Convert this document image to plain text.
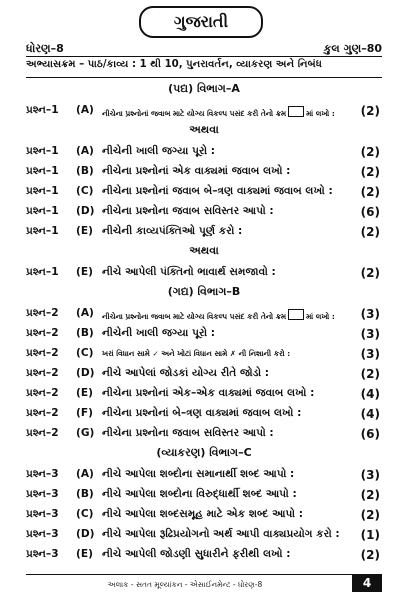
ગુજરાતી
ધોરણ–8	કુલ ગુણ–80
અભ્યાસક્રમ – પાઠ/કાવ્ય : 1 થી 10, પુનરાવર્તન, વ્યાકરણ અને નિબંધ
(પદ્ય) વિભાગ–A
પ્રશ્ન–1 (A) નીચેના પ્રશ્નોનાં જવાબ માટે યોગ્ય વિકલ્પ પસંદ કરી તેનો ક્રમ	માં લખો : (2)
અથવા
પ્રશ્ન–1 (A) નીચેની ખાલી જગ્યા પૂરો :	(2)
પ્રશ્ન–1 (B) નીચેના પ્રશ્નોનાં એક વાક્યમાં જવાબ લખો :	(2)
પ્રશ્ન–1 (C) નીચેના પ્રશ્નોનાં જવાબ બે–ત્રણ વાક્યમાં જવાબ લખો : (2)
પ્રશ્ન–1 (D) નીચેના પ્રશ્નોના જવાબ સવિસ્તર આપો :	(6)
પ્રશ્ન–1 (E) નીચેની કાવ્યપંક્તિઓ પૂર્ણ કરો :	(2)
અથવા
પ્રશ્ન–1 (E) નીચે આપેલી પંક્તિનો ભાવાર્થ સમજાવો :	(2)
(ગદ્ય) વિભાગ–B
પ્રશ્ન–2 (A) નીચેના પ્રશ્નોના જવાબ માટે યોગ્ય વિકલ્પ પસંદ કરી તેનો ક્રમ	માં લખો : (3)
પ્રશ્ન–2 (B) નીચેની ખાલી જગ્યા પૂરો :	(3)
પ્રશ્ન–2 (C) ખરાં વિધાન સામે ✓ અને ખોટાં વિધાન સામે ✗ ની નિશાની કરો :	(3)
પ્રશ્ન–2 (D) નીચે આપેલાં જોડકાં યોગ્ય રીતે જોડો :	(2)
પ્રશ્ન–2 (E) નીચેના પ્રશ્નોનાં એક–એક વાક્યમાં જવાબ લખો :	(4)
પ્રશ્ન–2 (F) નીચેના પ્રશ્નોનાં બે–ત્રણ વાક્યમાં જવાબ લખો :	(4)
પ્રશ્ન–2 (G) નીચેના પ્રશ્નોના જવાબ સવિસ્તર આપો :	(6)
(વ્યાકરણ) વિભાગ–C
પ્રશ્ન–3 (A) નીચે આપેલા શબ્દોના સમાનાર્થી શબ્દ આપો :	(3)
પ્રશ્ન–3 (B) નીચે આપેલા શબ્દોના વિરુદ્ધાર્થી શબ્દ આપો :	(2)
પ્રશ્ન–3 (C) નીચે આપેલા શબ્દસમૂહ માટે એક શબ્દ આપો :	(2)
પ્રશ્ન–3 (D) નીચે આપેલા રૂઢિપ્રયોગનો અર્થ આપી વાક્યપ્રયોગ કરો : (1)
પ્રશ્ન–3 (E) નીચે આપેલી જોડણી સુધારીને ફરીથી લખો :	(2)
અલાક - સતત મૂલ્યાંકન - એસાઈનમેન્ટ - ધોરણ-8	4
